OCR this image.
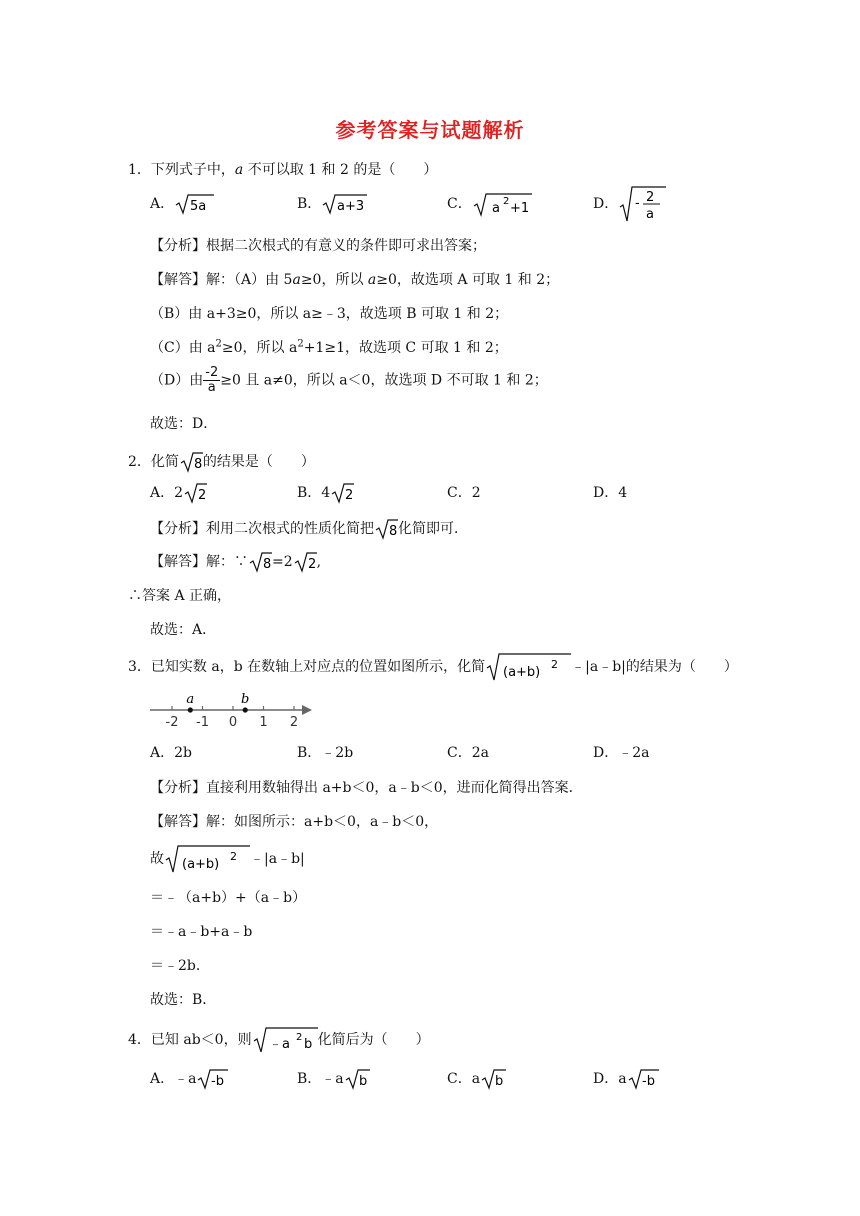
参考答案与试题解析
1．下列式子中，a 不可以取 1 和 2 的是（　　）
A． 5a	B． a+3	C． a 2 +1	D． - 2
a
【分析】根据二次根式的有意义的条件即可求出答案；
【解答】解：（A）由 5a≥0，所以 a≥0，故选项 A 可取 1 和 2；
（B）由 a+3≥0，所以 a≥﹣3，故选项 B 可取 1 和 2；
（C）由 $a^2\ge 0$，所以 $a^2+1\ge 1$，故选项 C 可取 1 和 2；
（D）由 $\frac{-2}{a} \ge 0$ 且 a≠0，所以 a＜0，故选项 D 不可取 1 和 2；
故选：D．
2．化简 8 的结果是（　　）
A．2 2	B．4 2	C．2	D．4
【分析】利用二次根式的性质化简把 8 化简即可．
【解答】解：∵ 8 =2 2 ,
∴答案 A 正确，
故选：A．
3．已知实数 a，b 在数轴上对应点的位置如图所示，化简 (a+b)
2 ﹣|a﹣b|的结果为（　　）
-2 -1 0 1 2
a	b
A．2b	B．﹣2b	C．2a	D．﹣2a
【分析】直接利用数轴得出 a+b＜0，a﹣b＜0，进而化简得出答案．
【解答】解：如图所示：a+b＜0，a﹣b＜0，
故 (a+b)
2 ﹣|a﹣b|
＝﹣（a+b）+（a﹣b）
＝﹣a﹣b+a﹣b
＝﹣2b．
故选：B．
4．已知 ab＜0，则 ﹣a 2 b 化简后为（　　）
A．﹣a -b	B．﹣a b	C．a b	D．a -b
